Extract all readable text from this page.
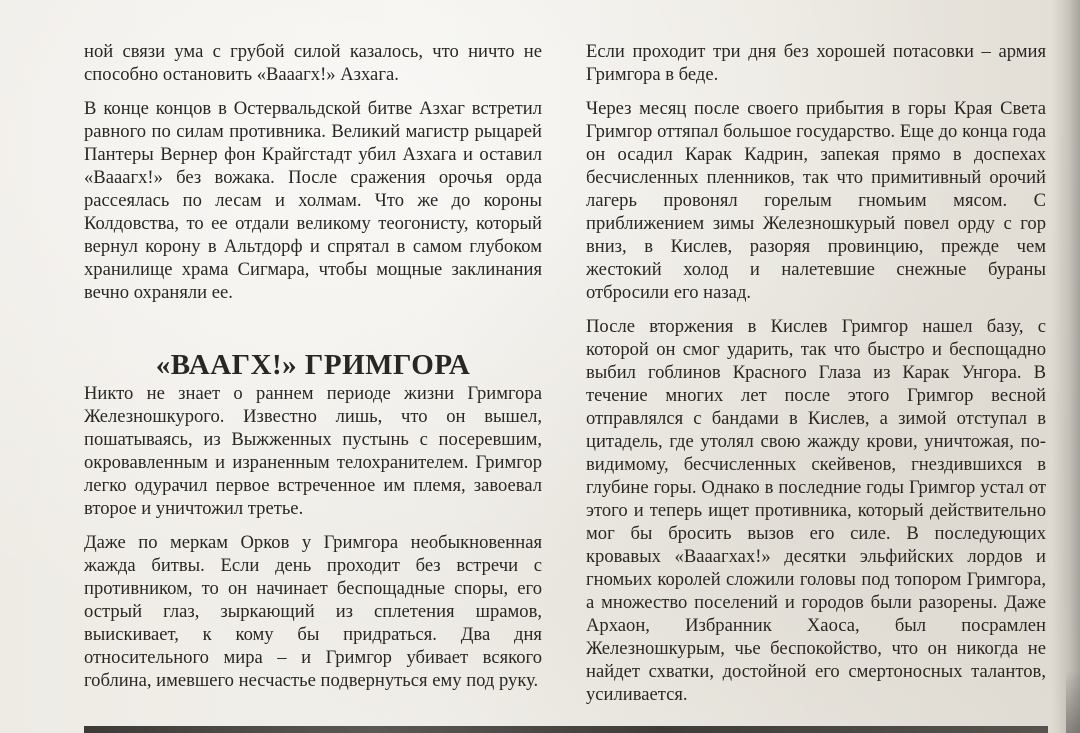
ной связи ума с грубой силой казалось, что ничто не способно остановить «Вааагх!» Азхага.

В конце концов в Остервальдской битве Азхаг встретил равного по силам противника. Великий магистр рыцарей Пантеры Вернер фон Крайгстадт убил Азхага и оставил «Вааагх!» без вожака. После сражения орочья орда рассеялась по лесам и холмам. Что же до короны Колдовства, то ее отдали великому теогонисту, который вернул корону в Альтдорф и спрятал в самом глубоком хранилище храма Сигмара, чтобы мощные заклинания вечно охраняли ее.

«ВААГХ!» ГРИМГОРА

Никто не знает о раннем периоде жизни Гримгора Железношкурого. Известно лишь, что он вышел, пошатываясь, из Выжженных пустынь с посеревшим, окровавленным и израненным телохранителем. Гримгор легко одурачил первое встреченное им племя, завоевал второе и уничтожил третье.

Даже по меркам Орков у Гримгора необыкновенная жажда битвы. Если день проходит без встречи с противником, то он начинает беспощадные споры, его острый глаз, зыркающий из сплетения шрамов, выискивает, к кому бы придраться. Два дня относительного мира – и Гримгор убивает всякого гоблина, имевшего несчастье подвернуться ему под руку.

Если проходит три дня без хорошей потасовки – армия Гримгора в беде.

Через месяц после своего прибытия в горы Края Света Гримгор оттяпал большое государство. Еще до конца года он осадил Карак Кадрин, запекая прямо в доспехах бесчисленных пленников, так что примитивный орочий лагерь провонял горелым гномьим мясом. С приближением зимы Железношкурый повел орду с гор вниз, в Кислев, разоряя провинцию, прежде чем жестокий холод и налетевшие снежные бураны отбросили его назад.

После вторжения в Кислев Гримгор нашел базу, с которой он смог ударить, так что быстро и беспощадно выбил гоблинов Красного Глаза из Карак Унгора. В течение многих лет после этого Гримгор весной отправлялся с бандами в Кислев, а зимой отступал в цитадель, где утолял свою жажду крови, уничтожая, по-видимому, бесчисленных скейвенов, гнездившихся в глубине горы. Однако в последние годы Гримгор устал от этого и теперь ищет противника, который действительно мог бы бросить вызов его силе. В последующих кровавых «Вааагхах!» десятки эльфийских лордов и гномьих королей сложили головы под топором Гримгора, а множество поселений и городов были разорены. Даже Архаон, Избранник Хаоса, был посрамлен Железношкурым, чье беспокойство, что он никогда не найдет схватки, достойной его смертоносных талантов, усиливается.
